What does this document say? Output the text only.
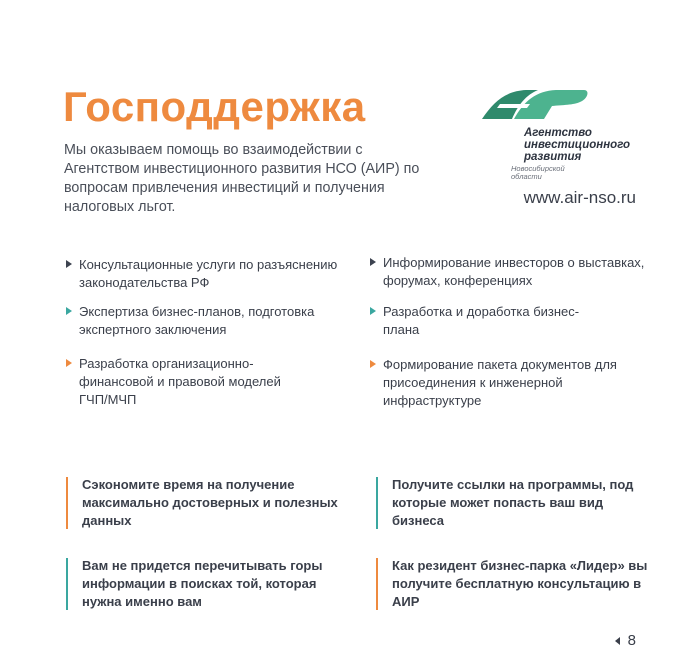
Господдержка

Мы оказываем помощь во взаимодействии с Агентством инвестиционного развития НСО (АИР) по вопросам привлечения инвестиций и получения налоговых льгот.

Агентство инвестиционного развития
Новосибирской области

www.air-nso.ru

Консультационные услуги по разъяснению законодательства РФ
Информирование инвесторов о выставках, форумах, конференциях
Экспертиза бизнес-планов, подготовка экспертного заключения
Разработка и доработка бизнес-плана
Разработка организационно-финансовой и правовой моделей ГЧП/МЧП
Формирование пакета документов для присоединения к инженерной инфраструктуре
Сэкономите время на получение максимально достоверных и полезных данных
Получите ссылки на программы, под которые может попасть ваш вид бизнеса
Вам не придется перечитывать горы информации в поисках той, которая нужна именно вам
Как резидент бизнес-парка «Лидер» вы получите бесплатную консультацию в АИР
8
